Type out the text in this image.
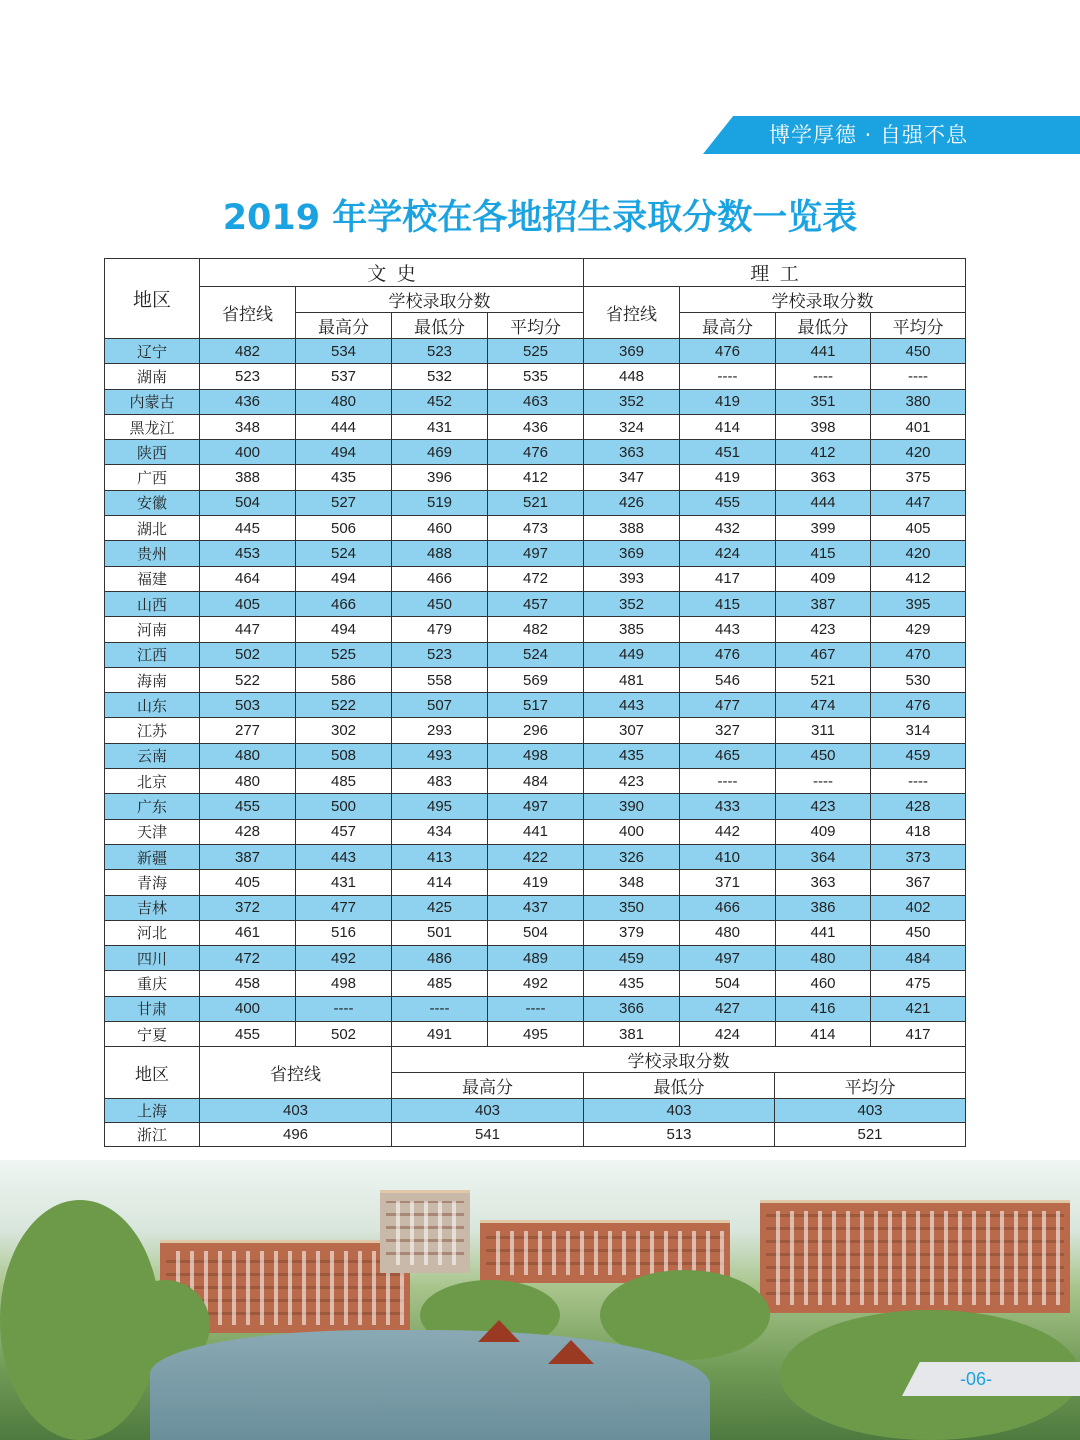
博学厚德 · 自强不息
2019 年学校在各地招生录取分数一览表
地区	文  史				理  工			
	省控线	学校录取分数			省控线	学校录取分数		
		最高分	最低分	平均分		最高分	最低分	平均分
辽宁	482	534	523	525	369	476	441	450
湖南	523	537	532	535	448	----	----	----
内蒙古	436	480	452	463	352	419	351	380
黑龙江	348	444	431	436	324	414	398	401
陕西	400	494	469	476	363	451	412	420
广西	388	435	396	412	347	419	363	375
安徽	504	527	519	521	426	455	444	447
湖北	445	506	460	473	388	432	399	405
贵州	453	524	488	497	369	424	415	420
福建	464	494	466	472	393	417	409	412
山西	405	466	450	457	352	415	387	395
河南	447	494	479	482	385	443	423	429
江西	502	525	523	524	449	476	467	470
海南	522	586	558	569	481	546	521	530
山东	503	522	507	517	443	477	474	476
江苏	277	302	293	296	307	327	311	314
云南	480	508	493	498	435	465	450	459
北京	480	485	483	484	423	----	----	----
广东	455	500	495	497	390	433	423	428
天津	428	457	434	441	400	442	409	418
新疆	387	443	413	422	326	410	364	373
青海	405	431	414	419	348	371	363	367
吉林	372	477	425	437	350	466	386	402
河北	461	516	501	504	379	480	441	450
四川	472	492	486	489	459	497	480	484
重庆	458	498	485	492	435	504	460	475
甘肃	400	----	----	----	366	427	416	421
宁夏	455	502	491	495	381	424	414	417
地区	省控线	学校录取分数		
		最高分	最低分	平均分
上海	403	403	403	403
浙江	496	541	513	521
-06-
